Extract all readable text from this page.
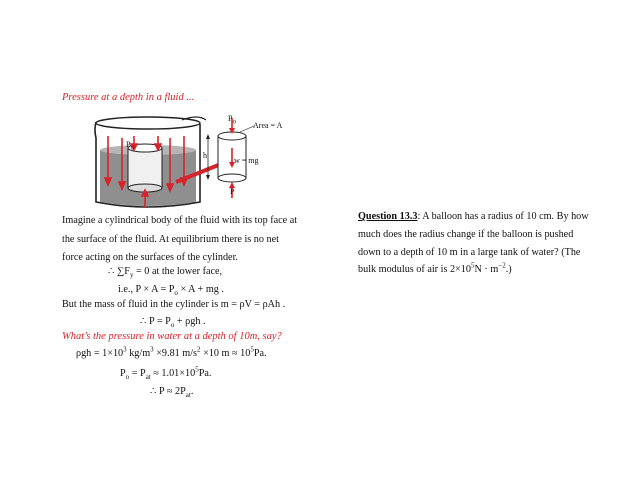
Pressure at a depth in a fluid ...
$P_o$
$P_o$ Area = A
h
w = mg
P
Imagine a cylindrical body of the fluid with its top face at
the surface of the fluid. At equilibrium there is no net
force acting on the surfaces of the cylinder.
∴ $\sum F_y = 0$ at the lower face,
i.e., $P \times A = P_o \times A$ + mg .
But the mass of fluid in the cylinder is m = ρV = ρAh .
∴ $P = P_o + \rho gh$ .
What’s the pressure in water at a depth of 10m, say?
$\rho gh = 1\times 10^3$ $kg/m^3 \times 9.81$ $m/s^2 \times 10$ $m \approx 10^5Pa$.
$P_o = P_{at} \approx 1.01\times 10^5Pa$.
∴ $P \approx 2P_{at}$.
Question 13.3: A balloon has a radius of 10 cm. By how
much does the radius change if the balloon is pushed
down to a depth of 10 m in a large tank of water? (The
bulk modulus of air is $2\times 10^5N \cdot m^{-2}$.)
